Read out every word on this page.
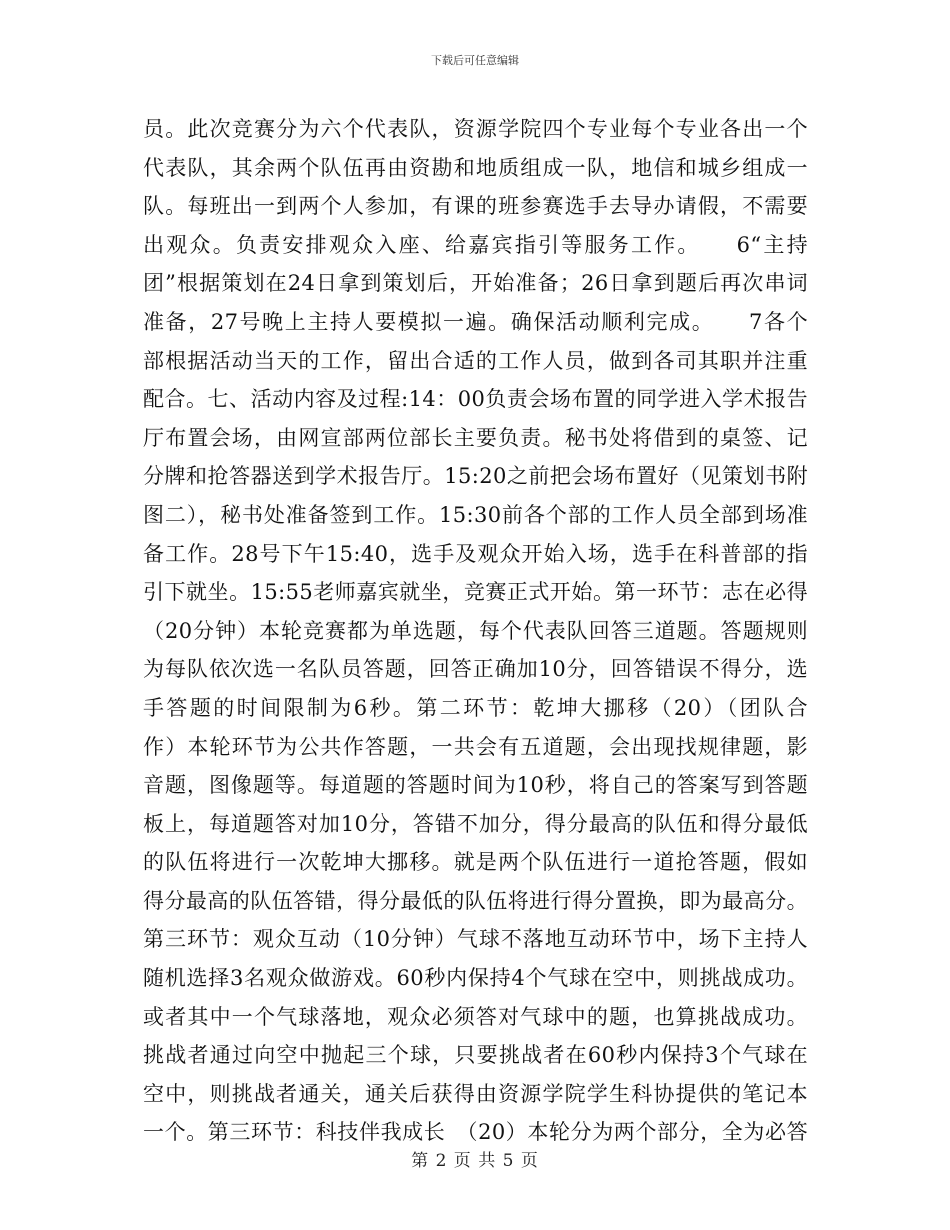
下载后可任意编辑
员。此次竞赛分为六个代表队，资源学院四个专业每个专业各出一个
代表队，其余两个队伍再由资勘和地质组成一队，地信和城乡组成一
队。每班出一到两个人参加，有课的班参赛选手去导办请假，不需要
出观众。负责安排观众入座、给嘉宾指引等服务工作。　　6“主持
团”根据策划在24日拿到策划后，开始准备；26日拿到题后再次串词
准备，27号晚上主持人要模拟一遍。确保活动顺利完成。　　7各个
部根据活动当天的工作，留出合适的工作人员，做到各司其职并注重
配合。七、活动内容及过程:14：00负责会场布置的同学进入学术报告
厅布置会场，由网宣部两位部长主要负责。秘书处将借到的桌签、记
分牌和抢答器送到学术报告厅。15:20之前把会场布置好（见策划书附
图二），秘书处准备签到工作。15:30前各个部的工作人员全部到场准
备工作。28号下午15:40，选手及观众开始入场，选手在科普部的指
引下就坐。15:55老师嘉宾就坐，竞赛正式开始。第一环节：志在必得
（20分钟）本轮竞赛都为单选题，每个代表队回答三道题。答题规则
为每队依次选一名队员答题，回答正确加10分，回答错误不得分，选
手答题的时间限制为6秒。第二环节：乾坤大挪移（20）（团队合
作）本轮环节为公共作答题，一共会有五道题，会出现找规律题，影
音题，图像题等。每道题的答题时间为10秒，将自己的答案写到答题
板上，每道题答对加10分，答错不加分，得分最高的队伍和得分最低
的队伍将进行一次乾坤大挪移。就是两个队伍进行一道抢答题，假如
得分最高的队伍答错，得分最低的队伍将进行得分置换，即为最高分。
第三环节：观众互动（10分钟）气球不落地互动环节中，场下主持人
随机选择3名观众做游戏。60秒内保持4个气球在空中，则挑战成功。
或者其中一个气球落地，观众必须答对气球中的题，也算挑战成功。
挑战者通过向空中抛起三个球，只要挑战者在60秒内保持3个气球在
空中，则挑战者通关，通关后获得由资源学院学生科协提供的笔记本
一个。第三环节：科技伴我成长　（20）本轮分为两个部分，全为必答
第 2 页 共 5 页
